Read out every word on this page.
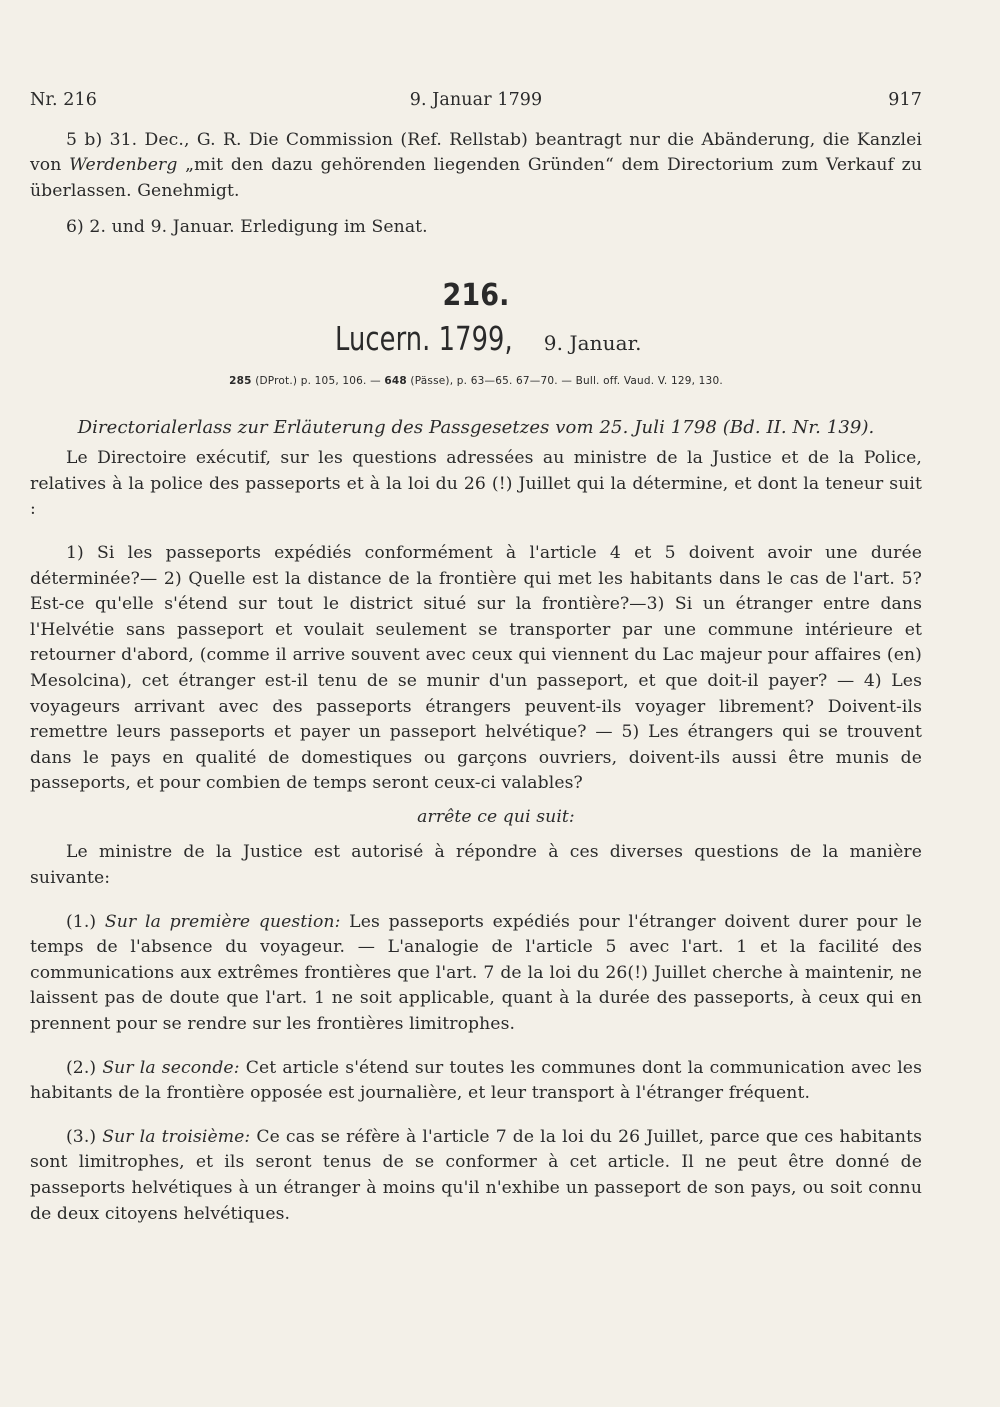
Nr. 216	9. Januar 1799	917

5 b) 31. Dec., G. R. Die Commission (Ref. Rellstab) beantragt nur die Abänderung, die Kanzlei von Werdenberg „mit den dazu gehörenden liegenden Gründen“ dem Directorium zum Verkauf zu überlassen. Genehmigt.

6) 2. und 9. Januar. Erledigung im Senat.

216.
Lucern. 1799, 9. Januar.
285 (DProt.) p. 105, 106. — 648 (Pässe), p. 63—65. 67—70. — Bull. off. Vaud. V. 129, 130.
Directorialerlass zur Erläuterung des Passgesetzes vom 25. Juli 1798 (Bd. II. Nr. 139).

Le Directoire exécutif, sur les questions adressées au ministre de la Justice et de la Police, relatives à la police des passeports et à la loi du 26 (!) Juillet qui la détermine, et dont la teneur suit :

1) Si les passeports expédiés conformément à l'article 4 et 5 doivent avoir une durée déterminée?— 2) Quelle est la distance de la frontière qui met les habitants dans le cas de l'art. 5? Est-ce qu'elle s'étend sur tout le district situé sur la frontière?—3) Si un étranger entre dans l'Helvétie sans passeport et voulait seulement se transporter par une commune intérieure et retourner d'abord, (comme il arrive souvent avec ceux qui viennent du Lac majeur pour affaires (en) Mesolcina), cet étranger est-il tenu de se munir d'un passeport, et que doit-il payer? — 4) Les voyageurs arrivant avec des passeports étrangers peuvent-ils voyager librement? Doivent-ils remettre leurs passeports et payer un passeport helvétique? — 5) Les étrangers qui se trouvent dans le pays en qualité de domestiques ou garçons ouvriers, doivent-ils aussi être munis de passeports, et pour combien de temps seront ceux-ci valables?

arrête ce qui suit:

Le ministre de la Justice est autorisé à répondre à ces diverses questions de la manière suivante:

(1.) Sur la première question: Les passeports expédiés pour l'étranger doivent durer pour le temps de l'absence du voyageur. — L'analogie de l'article 5 avec l'art. 1 et la facilité des communications aux extrêmes frontières que l'art. 7 de la loi du 26(!) Juillet cherche à maintenir, ne laissent pas de doute que l'art. 1 ne soit applicable, quant à la durée des passeports, à ceux qui en prennent pour se rendre sur les frontières limitrophes.

(2.) Sur la seconde: Cet article s'étend sur toutes les communes dont la communication avec les habitants de la frontière opposée est journalière, et leur transport à l'étranger fréquent.

(3.) Sur la troisième: Ce cas se réfère à l'article 7 de la loi du 26 Juillet, parce que ces habitants sont limitrophes, et ils seront tenus de se conformer à cet article. Il ne peut être donné de passeports helvétiques à un étranger à moins qu'il n'exhibe un passeport de son pays, ou soit connu de deux citoyens helvétiques.
